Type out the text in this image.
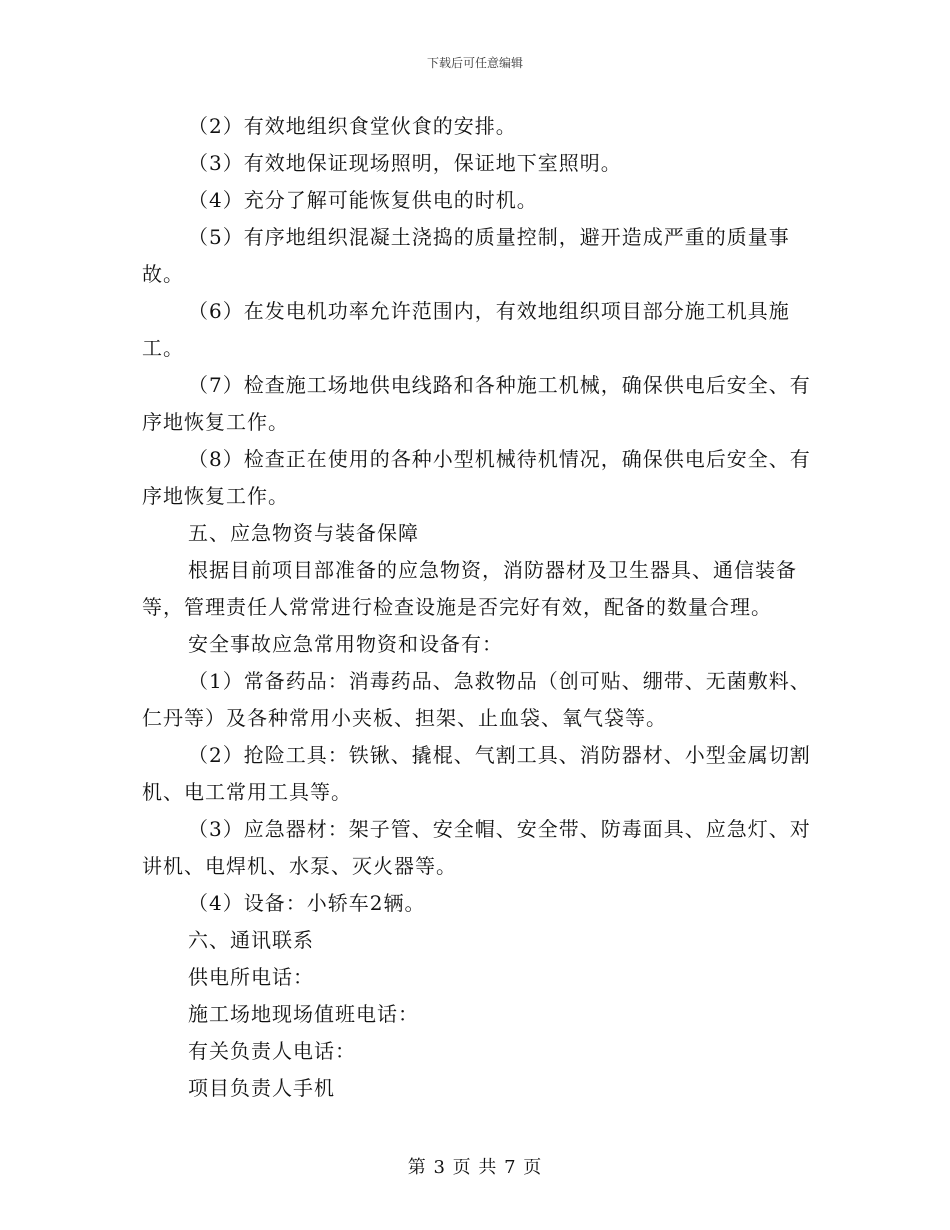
下载后可任意编辑

（2）有效地组织食堂伙食的安排。

（3）有效地保证现场照明，保证地下室照明。

（4）充分了解可能恢复供电的时机。

（5）有序地组织混凝土浇捣的质量控制，避开造成严重的质量事故。

（6）在发电机功率允许范围内，有效地组织项目部分施工机具施工。

（7）检查施工场地供电线路和各种施工机械，确保供电后安全、有序地恢复工作。

（8）检查正在使用的各种小型机械待机情况，确保供电后安全、有序地恢复工作。

五、应急物资与装备保障

根据目前项目部准备的应急物资，消防器材及卫生器具、通信装备等，管理责任人常常进行检查设施是否完好有效，配备的数量合理。

安全事故应急常用物资和设备有：

（1）常备药品：消毒药品、急救物品（创可贴、绷带、无菌敷料、仁丹等）及各种常用小夹板、担架、止血袋、氧气袋等。

（2）抢险工具：铁锹、撬棍、气割工具、消防器材、小型金属切割机、电工常用工具等。

（3）应急器材：架子管、安全帽、安全带、防毒面具、应急灯、对讲机、电焊机、水泵、灭火器等。

（4）设备：小轿车2辆。

六、通讯联系

供电所电话：

施工场地现场值班电话：

有关负责人电话：

项目负责人手机

第 3 页 共 7 页
